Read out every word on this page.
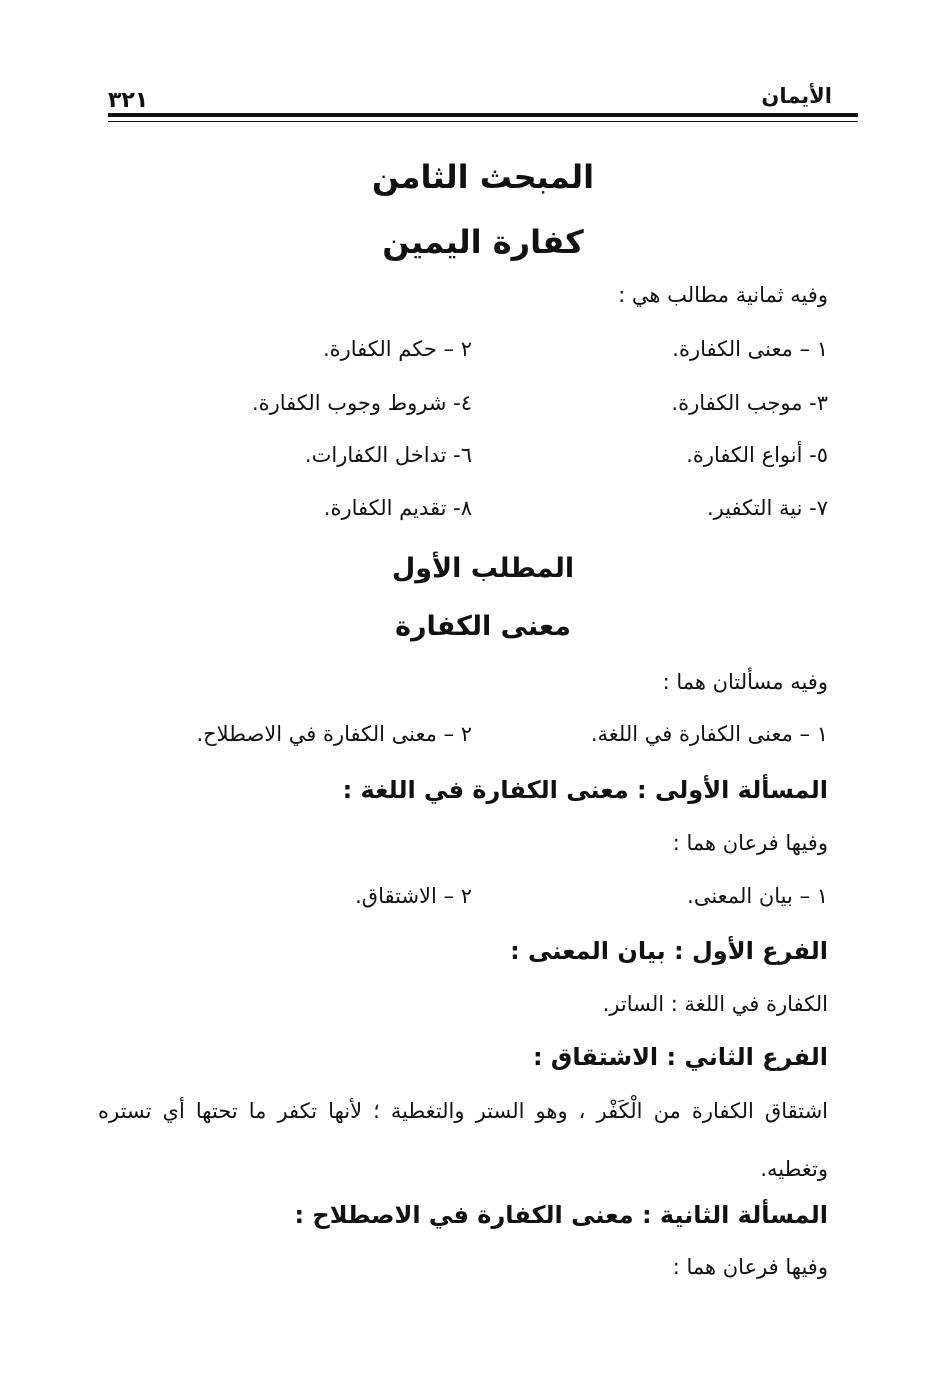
٣٢١	الأيمان
المبحث الثامن
كفارة اليمين
وفيه ثمانية مطالب هي :
١ – معنى الكفارة.
٢ – حكم الكفارة.
٣- موجب الكفارة.
٤- شروط وجوب الكفارة.
٥- أنواع الكفارة.
٦- تداخل الكفارات.
٧- نية التكفير.
٨- تقديم الكفارة.
المطلب الأول
معنى الكفارة
وفيه مسألتان هما :
١ – معنى الكفارة في اللغة.
٢ – معنى الكفارة في الاصطلاح.
المسألة الأولى : معنى الكفارة في اللغة :
وفيها فرعان هما :
١ – بيان المعنى.
٢ – الاشتقاق.
الفرع الأول : بيان المعنى :
الكفارة في اللغة : الساتر.
الفرع الثاني : الاشتقاق :
اشتقاق الكفارة من الْكَفْر ، وهو الستر والتغطية ؛ لأنها تكفر ما تحتها أي تستره وتغطيه.
المسألة الثانية : معنى الكفارة في الاصطلاح :
وفيها فرعان هما :
